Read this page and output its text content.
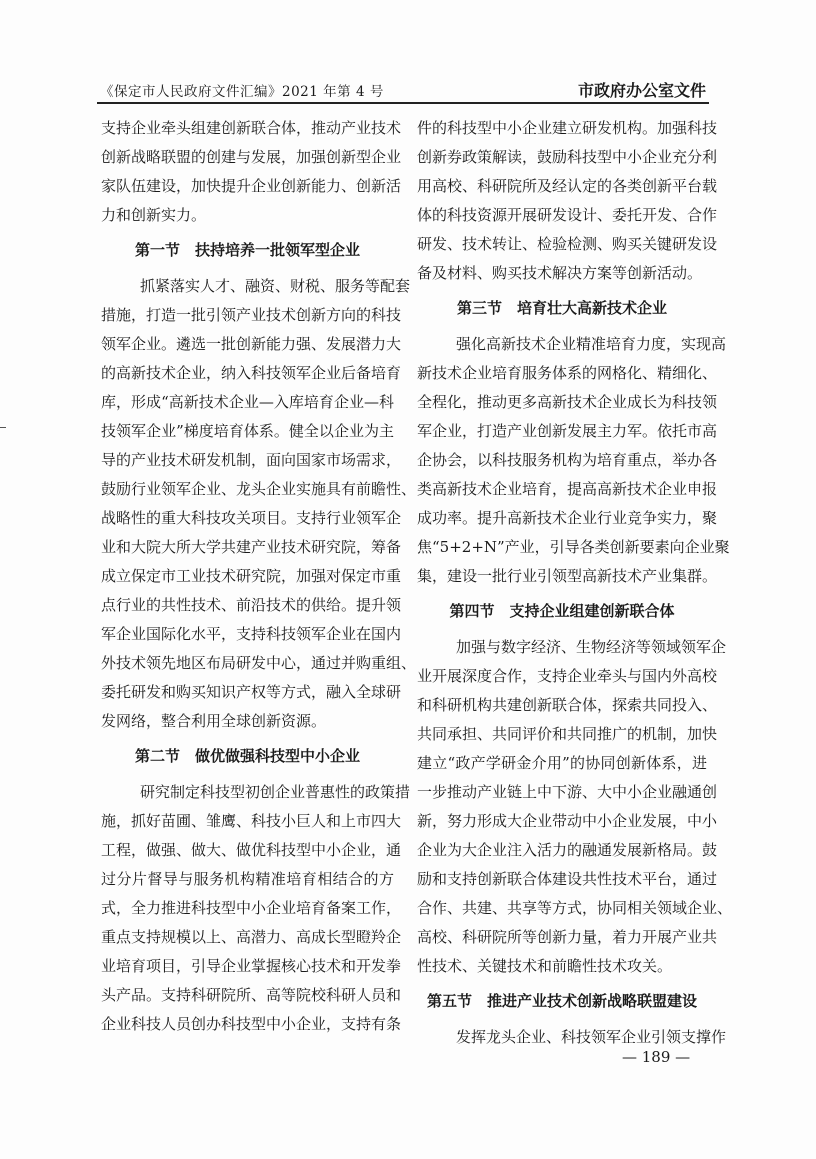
《保定市人民政府文件汇编》2021 年第 4 号	市政府办公室文件
支持企业牵头组建创新联合体，推动产业技术
创新战略联盟的创建与发展，加强创新型企业
家队伍建设，加快提升企业创新能力、创新活
力和创新实力。
第一节　扶持培养一批领军型企业
抓紧落实人才、融资、财税、服务等配套
措施，打造一批引领产业技术创新方向的科技
领军企业。遴选一批创新能力强、发展潜力大
的高新技术企业，纳入科技领军企业后备培育
库，形成“高新技术企业—入库培育企业—科
技领军企业”梯度培育体系。健全以企业为主
导的产业技术研发机制，面向国家市场需求，
鼓励行业领军企业、龙头企业实施具有前瞻性、
战略性的重大科技攻关项目。支持行业领军企
业和大院大所大学共建产业技术研究院，筹备
成立保定市工业技术研究院，加强对保定市重
点行业的共性技术、前沿技术的供给。提升领
军企业国际化水平，支持科技领军企业在国内
外技术领先地区布局研发中心，通过并购重组、
委托研发和购买知识产权等方式，融入全球研
发网络，整合利用全球创新资源。
第二节　做优做强科技型中小企业
研究制定科技型初创企业普惠性的政策措
施，抓好苗圃、雏鹰、科技小巨人和上市四大
工程，做强、做大、做优科技型中小企业，通
过分片督导与服务机构精准培育相结合的方
式，全力推进科技型中小企业培育备案工作，
重点支持规模以上、高潜力、高成长型瞪羚企
业培育项目，引导企业掌握核心技术和开发拳
头产品。支持科研院所、高等院校科研人员和
企业科技人员创办科技型中小企业，支持有条
件的科技型中小企业建立研发机构。加强科技
创新券政策解读，鼓励科技型中小企业充分利
用高校、科研院所及经认定的各类创新平台载
体的科技资源开展研发设计、委托开发、合作
研发、技术转让、检验检测、购买关键研发设
备及材料、购买技术解决方案等创新活动。
第三节　培育壮大高新技术企业
强化高新技术企业精准培育力度，实现高
新技术企业培育服务体系的网格化、精细化、
全程化，推动更多高新技术企业成长为科技领
军企业，打造产业创新发展主力军。依托市高
企协会，以科技服务机构为培育重点，举办各
类高新技术企业培育，提高高新技术企业申报
成功率。提升高新技术企业行业竞争实力，聚
焦“5+2+N”产业，引导各类创新要素向企业聚
集，建设一批行业引领型高新技术产业集群。
第四节　支持企业组建创新联合体
加强与数字经济、生物经济等领域领军企
业开展深度合作，支持企业牵头与国内外高校
和科研机构共建创新联合体，探索共同投入、
共同承担、共同评价和共同推广的机制，加快
建立“政产学研金介用”的协同创新体系，进
一步推动产业链上中下游、大中小企业融通创
新，努力形成大企业带动中小企业发展，中小
企业为大企业注入活力的融通发展新格局。鼓
励和支持创新联合体建设共性技术平台，通过
合作、共建、共享等方式，协同相关领域企业、
高校、科研院所等创新力量，着力开展产业共
性技术、关键技术和前瞻性技术攻关。
第五节　推进产业技术创新战略联盟建设
发挥龙头企业、科技领军企业引领支撑作
— 189 —
